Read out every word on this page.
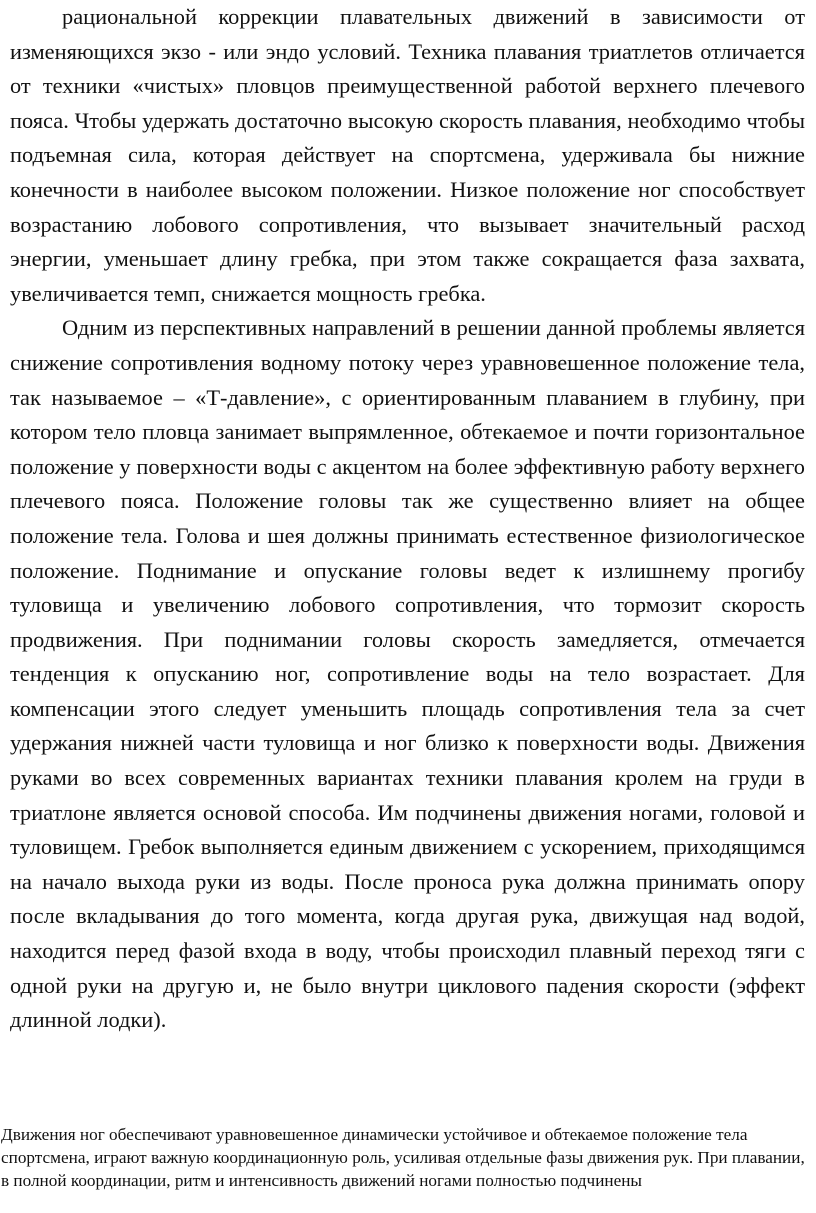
рациональной коррекции плавательных движений в зависимости от изменяющихся экзо - или эндо условий. Техника плавания триатлетов отличается от техники «чистых» пловцов преимущественной работой верхнего плечевого пояса. Чтобы удержать достаточно высокую скорость плавания, необходимо чтобы подъемная сила, которая действует на спортсмена, удерживала бы нижние конечности в наиболее высоком положении. Низкое положение ног способствует возрастанию лобового сопротивления, что вызывает значительный расход энергии, уменьшает длину гребка, при этом также сокращается фаза захвата, увеличивается темп, снижается мощность гребка.

Одним из перспективных направлений в решении данной проблемы является снижение сопротивления водному потоку через уравновешенное положение тела, так называемое – «Т-давление», с ориентированным плаванием в глубину, при котором тело пловца занимает выпрямленное, обтекаемое и почти горизонтальное положение у поверхности воды с акцентом на более эффективную работу верхнего плечевого пояса. Положение головы так же существенно влияет на общее положение тела. Голова и шея должны принимать естественное физиологическое положение. Поднимание и опускание головы ведет к излишнему прогибу туловища и увеличению лобового сопротивления, что тормозит скорость продвижения. При поднимании головы скорость замедляется, отмечается тенденция к опусканию ног, сопротивление воды на тело возрастает. Для компенсации этого следует уменьшить площадь сопротивления тела за счет удержания нижней части туловища и ног близко к поверхности воды. Движения руками во всех современных вариантах техники плавания кролем на груди в триатлоне является основой способа. Им подчинены движения ногами, головой и туловищем. Гребок выполняется единым движением с ускорением, приходящимся на начало выхода руки из воды. После проноса рука должна принимать опору после вкладывания до того момента, когда другая рука, движущая над водой, находится перед фазой входа в воду, чтобы происходил плавный переход тяги с одной руки на другую и, не было внутри циклового падения скорости (эффект длинной лодки).

Движения ног обеспечивают уравновешенное динамически устойчивое и обтекаемое положение тела спортсмена, играют важную координационную роль, усиливая отдельные фазы движения рук. При плавании, в полной координации, ритм и интенсивность движений ногами полностью подчинены
